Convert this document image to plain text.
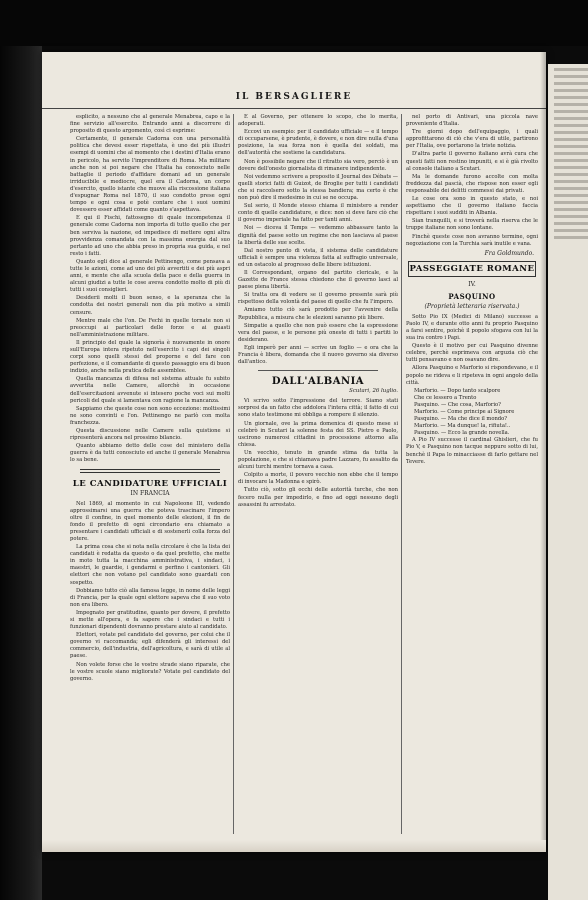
IL BERSAGLIERE

esplicito, a nessuno che al generale Menabrea, capo e la fine servizio all'esercito. Entrando anni a discorrere di proposito di questo argomento, così ci esprime:

Certamente, il generale Cadorna con una personalità politica che devesi esser rispettata, è uno dei più illustri esempi di uomini che al momento che i destini d'Italia erano in pericolo, ha servito l'imprenditore di Roma. Ma militare anche non si poi negare che l'Italia ha conosciuto nelle battaglie il periodo d'affidare domani ad un generale irriducibile e mediocre, quel era il Cadorna, un corpo d'esercito, quello istante che muove alla riscossione italiana d'espugnar Roma nel 1870, il suo condotto prese ogni tempo e ogni cosa e potè contare che i suoi uomini dovessero esser affidati come quanto s'aspettava.

E qui il Fischi, fattosegno di quale incompetenza il generale come Cadorna non importa di tutto quello che per ben serviva la nazione, ed impedisce di mettere ogni altra provvidenza comandata con la massima energia dal suo pertanto ad uno che abbia preso in propria sua guida, e nel resto i fatti.

Quanto egli dice al generale Pettinengo, come pensava a tutte le azioni, come ad uno dei più avvertiti e dei più aspri anni, e mente che alla scuola della pace e della guerra in alcuni giudizi a tutte le cose aveva condotto molto di più di tutti i suoi consiglieri.

Desiderii molti il buon senso, e la speranza che la condotta dei nostri generali non dia più motivo a simili censure.

Mentre male che l'on. De Fechi in quelle tornate non si preoccupi ai particolari delle forze e ai guasti nell'amministrazione militare.

Il principio del quale la signorìa è nuovamente in onore sull'Europa intera ripetuto nell'esercito i capi dei singoli corpi sono quelli stessi del proporne e del fare con perfezione, e il comandante di questo passaggio era di buon indizio, anche nella pratica delle assemblee.

Quella mancanza di difesa nel sistema attuale fu subito avvertita nelle Camere, allorchè in occasione dell'esercitazioni avvenute si intesero poche voci sui molti pericoli del quale si lamentava con ragione la mancanza.

Sappiamo che queste cose non sono eccezione: moltissimi ne sono convinti e l'on. Pettinengo ne parlò con molta franchezza.

Questa discussione nelle Camere sulla quistione si ripresenterà ancora nel prossimo bilancio.

Quanto abbiamo detto delle cose del ministero della guerra è da tutti conosciuto ed anche il generale Menabrea lo sa bene.

LE CANDIDATURE UFFICIALI
IN FRANCIA

Nel 1869, al momento in cui Napoleone III, vedendo approssimarsi una guerra che poteva trascinare l'impero oltre il confine, in quel momento delle elezioni, il fin de fondo il prefetto di ogni circondario era chiamato a presentare i candidati ufficiali e di sostenerli colla forza del potere.

La prima cosa che si nota nella circolare è che la lista dei candidati è redatta da questo o da quel prefetto, che mette in moto tutta la macchina amministrativa, i sindaci, i maestri, le guardie, i gendarmi e perfino i cantonieri. Gli elettori che non votano pel candidato sono guardati con sospetto.

Dobbiamo tutto ciò alla famosa legge, in nome delle leggi di Francia, per la quale ogni elettore sapeva che il suo voto non era libero.

Impegnato per gratitudine, quanto per dovere, il prefetto si mette all'opera, e fa sapere che i sindaci e tutti i funzionari dipendenti dovranno prestare aiuto al candidato.

Elettori, votate pel candidato del governo, per colui che il governo vi raccomanda; egli difenderà gli interessi del commercio, dell'industria, dell'agricoltura, e sarà di utile al paese.

Non volete forse che le vostre strade siano riparate, che le vostre scuole siano migliorate? Votate pel candidato del governo.

È al Governo, per ottenere lo scopo, che lo merita, adoperati.

Eccovi un esempio: per il candidato ufficiale — e il tempo di occuparsene, è prudente, è dovere, e non dire nulla d'una posizione, la sua forza non è quella dei soldati, ma dell'autorità che sostiene la candidatura.

Non è possibile negare che il ritratto sia vero, perciò è un dovere dell'onesto giornalista di rimanere indipendente.

Noi vedemmo scrivere a proposito il Journal des Débats — quelli storici fatti di Guizot, de Broglie per tutti i candidati che si raccolsero sotto la stessa bandiera; ma certo è che non può dire il medesimo in cui se ne occupa.

Sul serio, il Monde stesso chiama il ministero a render conto di quelle candidature, e dice: non si deve fare ciò che il governo imperiale ha fatto per tanti anni.

Noi — diceva il Temps — vedemmo abbassare tanto la dignità del paese sotto un regime che non lasciava al paese la libertà delle sue scelte.

Dal nostro punto di vista, il sistema delle candidature ufficiali è sempre una violenza fatta al suffragio universale, ed un ostacolo al progresso delle libere istituzioni.

Il Correspondant, organo del partito clericale, e la Gazette de France stessa chiedono che il governo lasci al paese piena libertà.

Si tratta ora di vedere se il governo presente sarà più rispettoso della volontà del paese di quello che fu l'impero.

Amiamo tutto ciò sarà prodotto per l'avvenire della Repubblica, a misura che le elezioni saranno più libere.

Simpatie a quello che non può essere che la espressione vera del paese, e le persone più oneste di tutti i partiti lo desiderano.

Egli imperò per anni — scrive un foglio — e ora che la Francia è libera, domanda che il nuovo governo sia diverso dall'antico.

DALL'ALBANIA
Scutari, 26 luglio.

Vi scrivo sotto l'impressione del terrore. Siamo stati sorpresi da un fatto che addolora l'intera città; il fatto di cui sono stato testimone mi obbliga a rompere il silenzio.

Un giornale, ove la prima domenica di questo mese si celebrò in Scutari la solenne festa dei SS. Pietro e Paolo, uscirono numerosi cittadini in processione attorno alla chiesa.

Un vecchio, tenuto in grande stima da tutta la popolazione, e che si chiamava padre Lazzaro, fu assalito da alcuni turchi mentre tornava a casa.

Colpito a morte, il povero vecchio non ebbe che il tempo di invocare la Madonna e spirò.

Tutto ciò, sotto gli occhi delle autorità turche, che non fecero nulla per impedirlo, e fino ad oggi nessuno degli assassini fu arrestato.

nel porto di Antivari, una piccola nave proveniente d'Italia.

Tre giorni dopo dell'equipaggio, i quali approfittarono di ciò che v'era di utile, partirono per l'Italia, ove portarono la triste notizia.

D'altra parte il governo italiano avrà cura che questi fatti non restino impuniti, e si è già rivolto al console italiano a Scutari.

Ma le domande furono accolte con molta freddezza dal pascià, che rispose non esser egli responsabile dei delitti commessi dai privati.

Le cose ora sono in questo stato, e noi aspettiamo che il governo italiano faccia rispettare i suoi sudditi in Albania.

Sian tranquilli, e si troverà nella riserva che le truppe italiane non sono lontane.

Finchè queste cose non avranno termine, ogni negoziazione con la Turchia sarà inutile e vana.

Fra Goldmundo.
PASSEGGIATE ROMANE
IV.
PASQUINO
(Proprietà letteraria riservata.)

Sotto Pio IX (Medici di Milano) successe a Paolo IV, e durante otto anni fu proprio Pasquino a farsi sentire, poichè il popolo sfogava con lui la sua ira contro i Papi.

Questo è il motivo per cui Pasquino divenne celebre, perchè esprimeva con arguzia ciò che tutti pensavano e non osavano dire.

Allora Pasquino e Marforio si rispondevano, e il popolo ne rideva e li ripeteva in ogni angolo della città.

Marforio. — Dopo tanto scalpore
Che ce lessero a Trento
Pasquino. — Che cosa, Marforio?
Marforio. — Come principe ai Signore
Pasquino. — Ma che dice il mondo?
Marforio. — Ma dunque! la, rifiuta!..
Pasquino. — Ecco la grande novella.

A Pio IV successe il cardinal Ghislieri, che fu Pio V, e Pasquino non tacque neppure sotto di lui, benchè il Papa lo minacciasse di farlo gettare nel Tevere.
